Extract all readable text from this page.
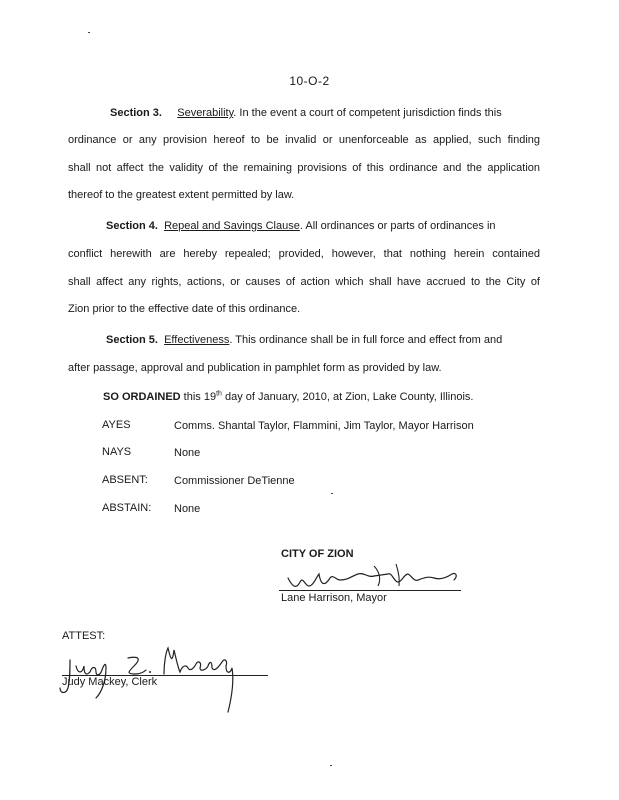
10-O-2
Section 3. Severability. In the event a court of competent jurisdiction finds this
ordinance or any provision hereof to be invalid or unenforceable as applied, such finding
shall not affect the validity of the remaining provisions of this ordinance and the application
thereof to the greatest extent permitted by law.
Section 4. Repeal and Savings Clause. All ordinances or parts of ordinances in
conflict herewith are hereby repealed; provided, however, that nothing herein contained
shall affect any rights, actions, or causes of action which shall have accrued to the City of
Zion prior to the effective date of this ordinance.
Section 5. Effectiveness. This ordinance shall be in full force and effect from and
after passage, approval and publication in pamphlet form as provided by law.
SO ORDAINED this 19th day of January, 2010, at Zion, Lake County, Illinois.
AYES	Comms. Shantal Taylor, Flammini, Jim Taylor, Mayor Harrison
NAYS	None
ABSENT: Commissioner DeTienne
ABSTAIN: None
CITY OF ZION
Lane Harrison, Mayor
ATTEST:
Judy Mackey, Clerk
